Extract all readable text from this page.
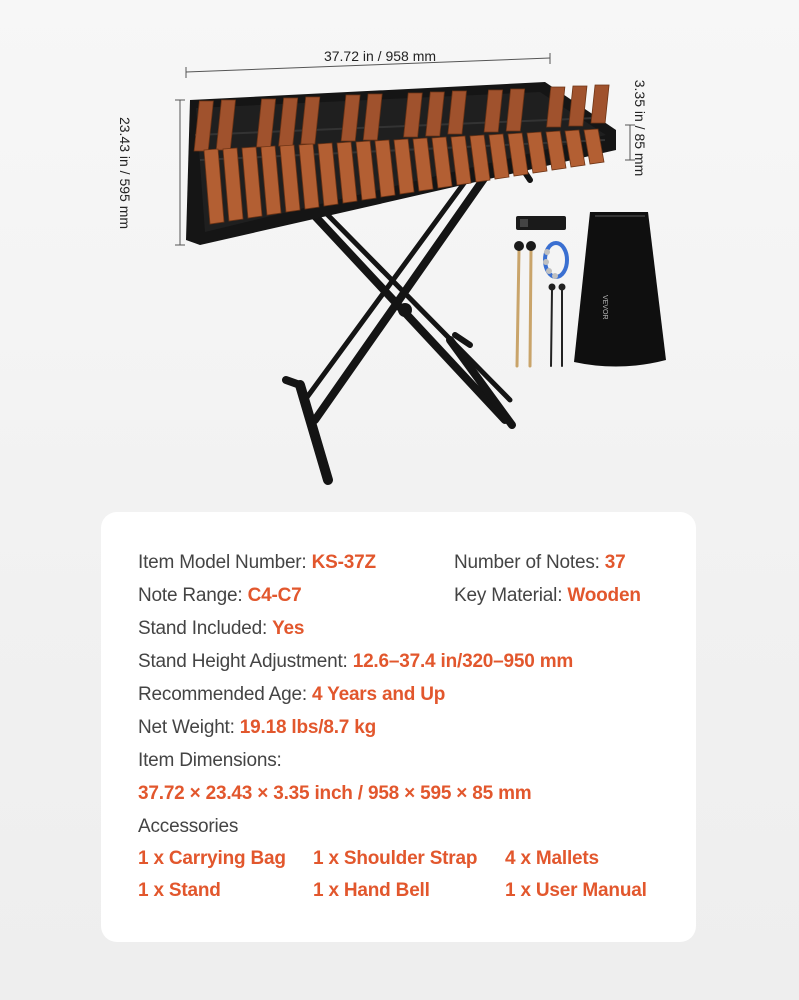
VEVOR
37.72 in / 958 mm
23.43 in / 595 mm	3.35 in / 85 mm
Item Model Number: KS-37Z	Number of Notes: 37
Note Range: C4-C7	Key Material: Wooden
Stand Included: Yes
Stand Height Adjustment: 12.6–37.4 in/320–950 mm
Recommended Age: 4 Years and Up
Net Weight: 19.18 lbs/8.7 kg
Item Dimensions:
37.72 × 23.43 × 3.35 inch / 958 × 595 × 85 mm
Accessories
1 x Carrying Bag 1 x Shoulder Strap 4 x Mallets
1 x Stand	1 x Hand Bell	1 x User Manual
